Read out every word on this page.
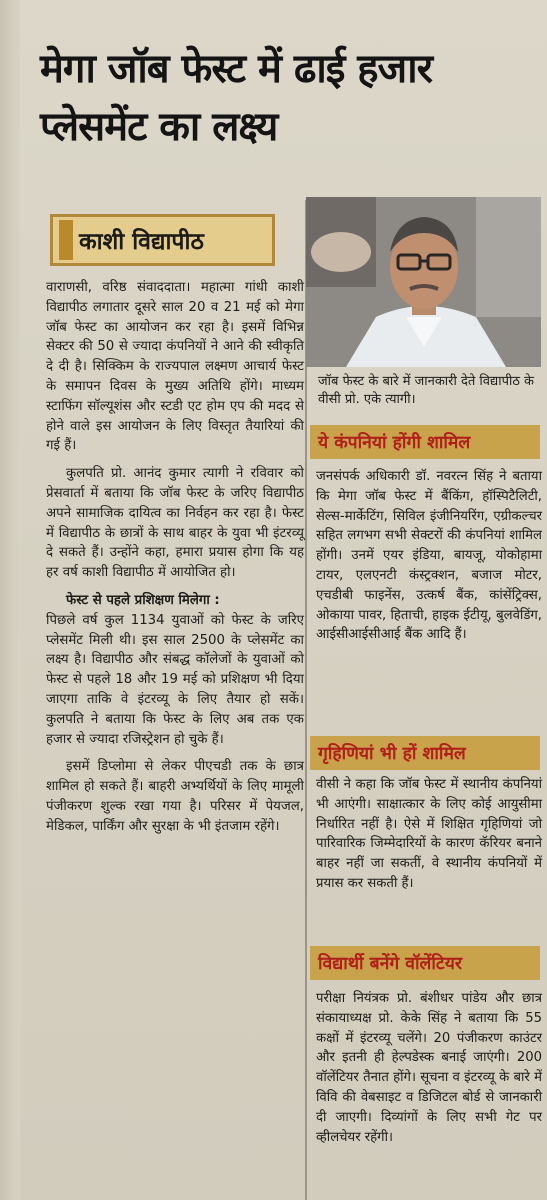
मेगा जॉब फेस्ट में ढाई हजार प्लेसमेंट का लक्ष्य
काशी विद्यापीठ

वाराणसी, वरिष्ठ संवाददाता। महात्मा गांधी काशी विद्यापीठ लगातार दूसरे साल 20 व 21 मई को मेगा जॉब फेस्ट का आयोजन कर रहा है। इसमें विभिन्न सेक्टर की 50 से ज्यादा कंपनियों ने आने की स्वीकृति दे दी है। सिक्किम के राज्यपाल लक्ष्मण आचार्य फेस्ट के समापन दिवस के मुख्य अतिथि होंगे। माध्यम स्टाफिंग सॉल्यूशंस और स्टडी एट होम एप की मदद से होने वाले इस आयोजन के लिए विस्तृत तैयारियां की गई हैं।

कुलपति प्रो. आनंद कुमार त्यागी ने रविवार को प्रेसवार्ता में बताया कि जॉब फेस्ट के जरिए विद्यापीठ अपने सामाजिक दायित्व का निर्वहन कर रहा है। फेस्ट में विद्यापीठ के छात्रों के साथ बाहर के युवा भी इंटरव्यू दे सकते हैं। उन्होंने कहा, हमारा प्रयास होगा कि यह हर वर्ष काशी विद्यापीठ में आयोजित हो।

फेस्ट से पहले प्रशिक्षण मिलेगा :

पिछले वर्ष कुल 1134 युवाओं को फेस्ट के जरिए प्लेसमेंट मिली थी। इस साल 2500 के प्लेसमेंट का लक्ष्य है। विद्यापीठ और संबद्ध कॉलेजों के युवाओं को फेस्ट से पहले 18 और 19 मई को प्रशिक्षण भी दिया जाएगा ताकि वे इंटरव्यू के लिए तैयार हो सकें। कुलपति ने बताया कि फेस्ट के लिए अब तक एक हजार से ज्यादा रजिस्ट्रेशन हो चुके हैं।

इसमें डिप्लोमा से लेकर पीएचडी तक के छात्र शामिल हो सकते हैं। बाहरी अभ्यर्थियों के लिए मामूली पंजीकरण शुल्क रखा गया है। परिसर में पेयजल, मेडिकल, पार्किंग और सुरक्षा के भी इंतजाम रहेंगे।

जॉब फेस्ट के बारे में जानकारी देते विद्यापीठ के वीसी प्रो. एके त्यागी।

ये कंपनियां होंगी शामिल

जनसंपर्क अधिकारी डॉ. नवरत्न सिंह ने बताया कि मेगा जॉब फेस्ट में बैंकिंग, हॉस्पिटैलिटी, सेल्स-मार्केटिंग, सिविल इंजीनियरिंग, एग्रीकल्चर सहित लगभग सभी सेक्टरों की कंपनियां शामिल होंगी। उनमें एयर इंडिया, बायजू, योकोहामा टायर, एलएनटी कंस्ट्रक्शन, बजाज मोटर, एचडीबी फाइनेंस, उत्कर्ष बैंक, कांसेंट्रिक्स, ओकाया पावर, हिताची, हाइक ईटीयू, बुलवेडिंग, आईसीआईसीआई बैंक आदि हैं।

गृहिणियां भी हों शामिल

वीसी ने कहा कि जॉब फेस्ट में स्थानीय कंपनियां भी आएंगी। साक्षात्कार के लिए कोई आयुसीमा निर्धारित नहीं है। ऐसे में शिक्षित गृहिणियां जो पारिवारिक जिम्मेदारियों के कारण कॅरियर बनाने बाहर नहीं जा सकतीं, वे स्थानीय कंपनियों में प्रयास कर सकती हैं।

विद्यार्थी बनेंगे वॉलेंटियर

परीक्षा नियंत्रक प्रो. बंशीधर पांडेय और छात्र संकायाध्यक्ष प्रो. केके सिंह ने बताया कि 55 कक्षों में इंटरव्यू चलेंगे। 20 पंजीकरण काउंटर और इतनी ही हेल्पडेस्क बनाई जाएंगी। 200 वॉलेंटियर तैनात होंगे। सूचना व इंटरव्यू के बारे में विवि की वेबसाइट व डिजिटल बोर्ड से जानकारी दी जाएगी। दिव्यांगों के लिए सभी गेट पर व्हीलचेयर रहेंगी।
